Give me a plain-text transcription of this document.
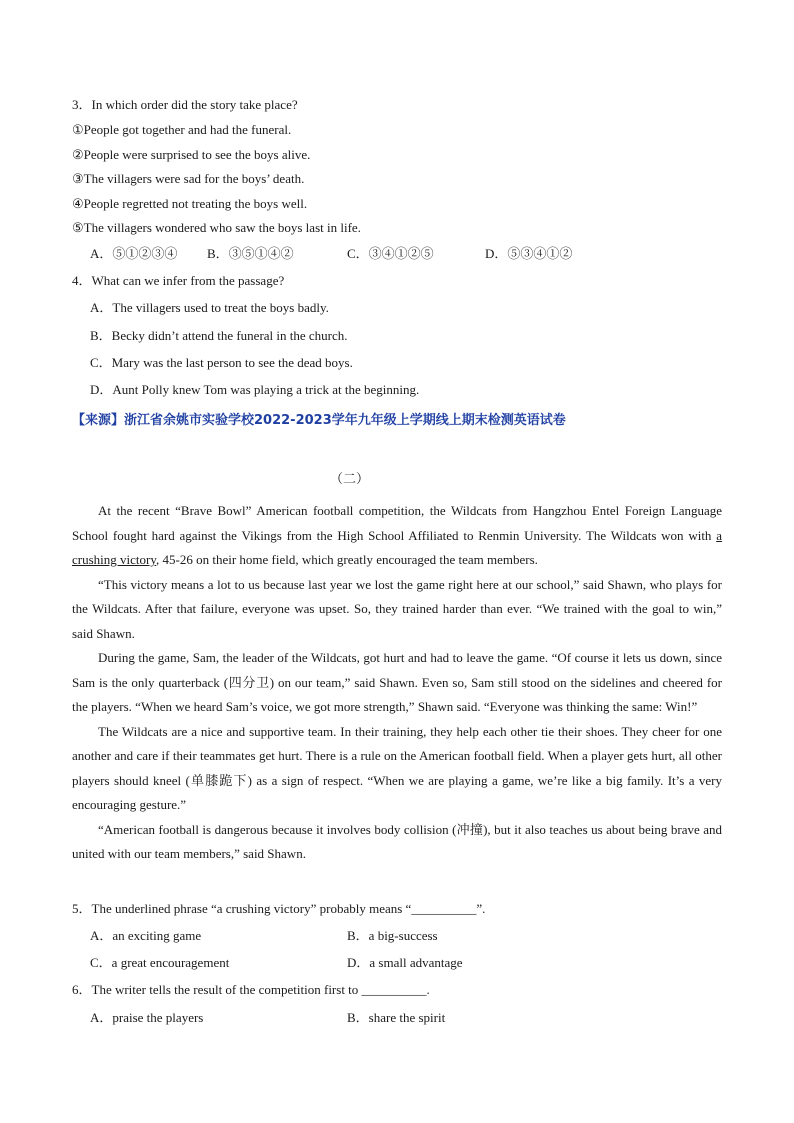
3．In which order did the story take place?
①People got together and had the funeral.
②People were surprised to see the boys alive.
③The villagers were sad for the boys’ death.
④People regretted not treating the boys well.
⑤The villagers wondered who saw the boys last in life.
A．⑤①②③④ B．③⑤①④②	C．③④①②⑤	D．⑤③④①②
4．What can we infer from the passage?
A．The villagers used to treat the boys badly.
B．Becky didn’t attend the funeral in the church.
C．Mary was the last person to see the dead boys.
D．Aunt Polly knew Tom was playing a trick at the beginning.
【来源】浙江省余姚市实验学校2022-2023学年九年级上学期线上期末检测英语试卷
（二）

At the recent “Brave Bowl” American football competition, the Wildcats from Hangzhou Entel Foreign Language School fought hard against the Vikings from the High School Affiliated to Renmin University. The Wildcats won with a crushing victory, 45-26 on their home field, which greatly encouraged the team members.

“This victory means a lot to us because last year we lost the game right here at our school,” said Shawn, who plays for the Wildcats. After that failure, everyone was upset. So, they trained harder than ever. “We trained with the goal to win,” said Shawn.

During the game, Sam, the leader of the Wildcats, got hurt and had to leave the game. “Of course it lets us down, since Sam is the only quarterback (四分卫) on our team,” said Shawn. Even so, Sam still stood on the sidelines and cheered for the players. “When we heard Sam’s voice, we got more strength,” Shawn said. “Everyone was thinking the same: Win!”

The Wildcats are a nice and supportive team. In their training, they help each other tie their shoes. They cheer for one another and care if their teammates get hurt. There is a rule on the American football field. When a player gets hurt, all other players should kneel (单膝跪下) as a sign of respect. “When we are playing a game, we’re like a big family. It’s a very encouraging gesture.”

“American football is dangerous because it involves body collision (冲撞), but it also teaches us about being brave and united with our team members,” said Shawn.

5．The underlined phrase “a crushing victory” probably means “__________”.
A．an exciting game	B．a big-success
C．a great encouragement	D．a small advantage
6．The writer tells the result of the competition first to __________.
A．praise the players	B．share the spirit
